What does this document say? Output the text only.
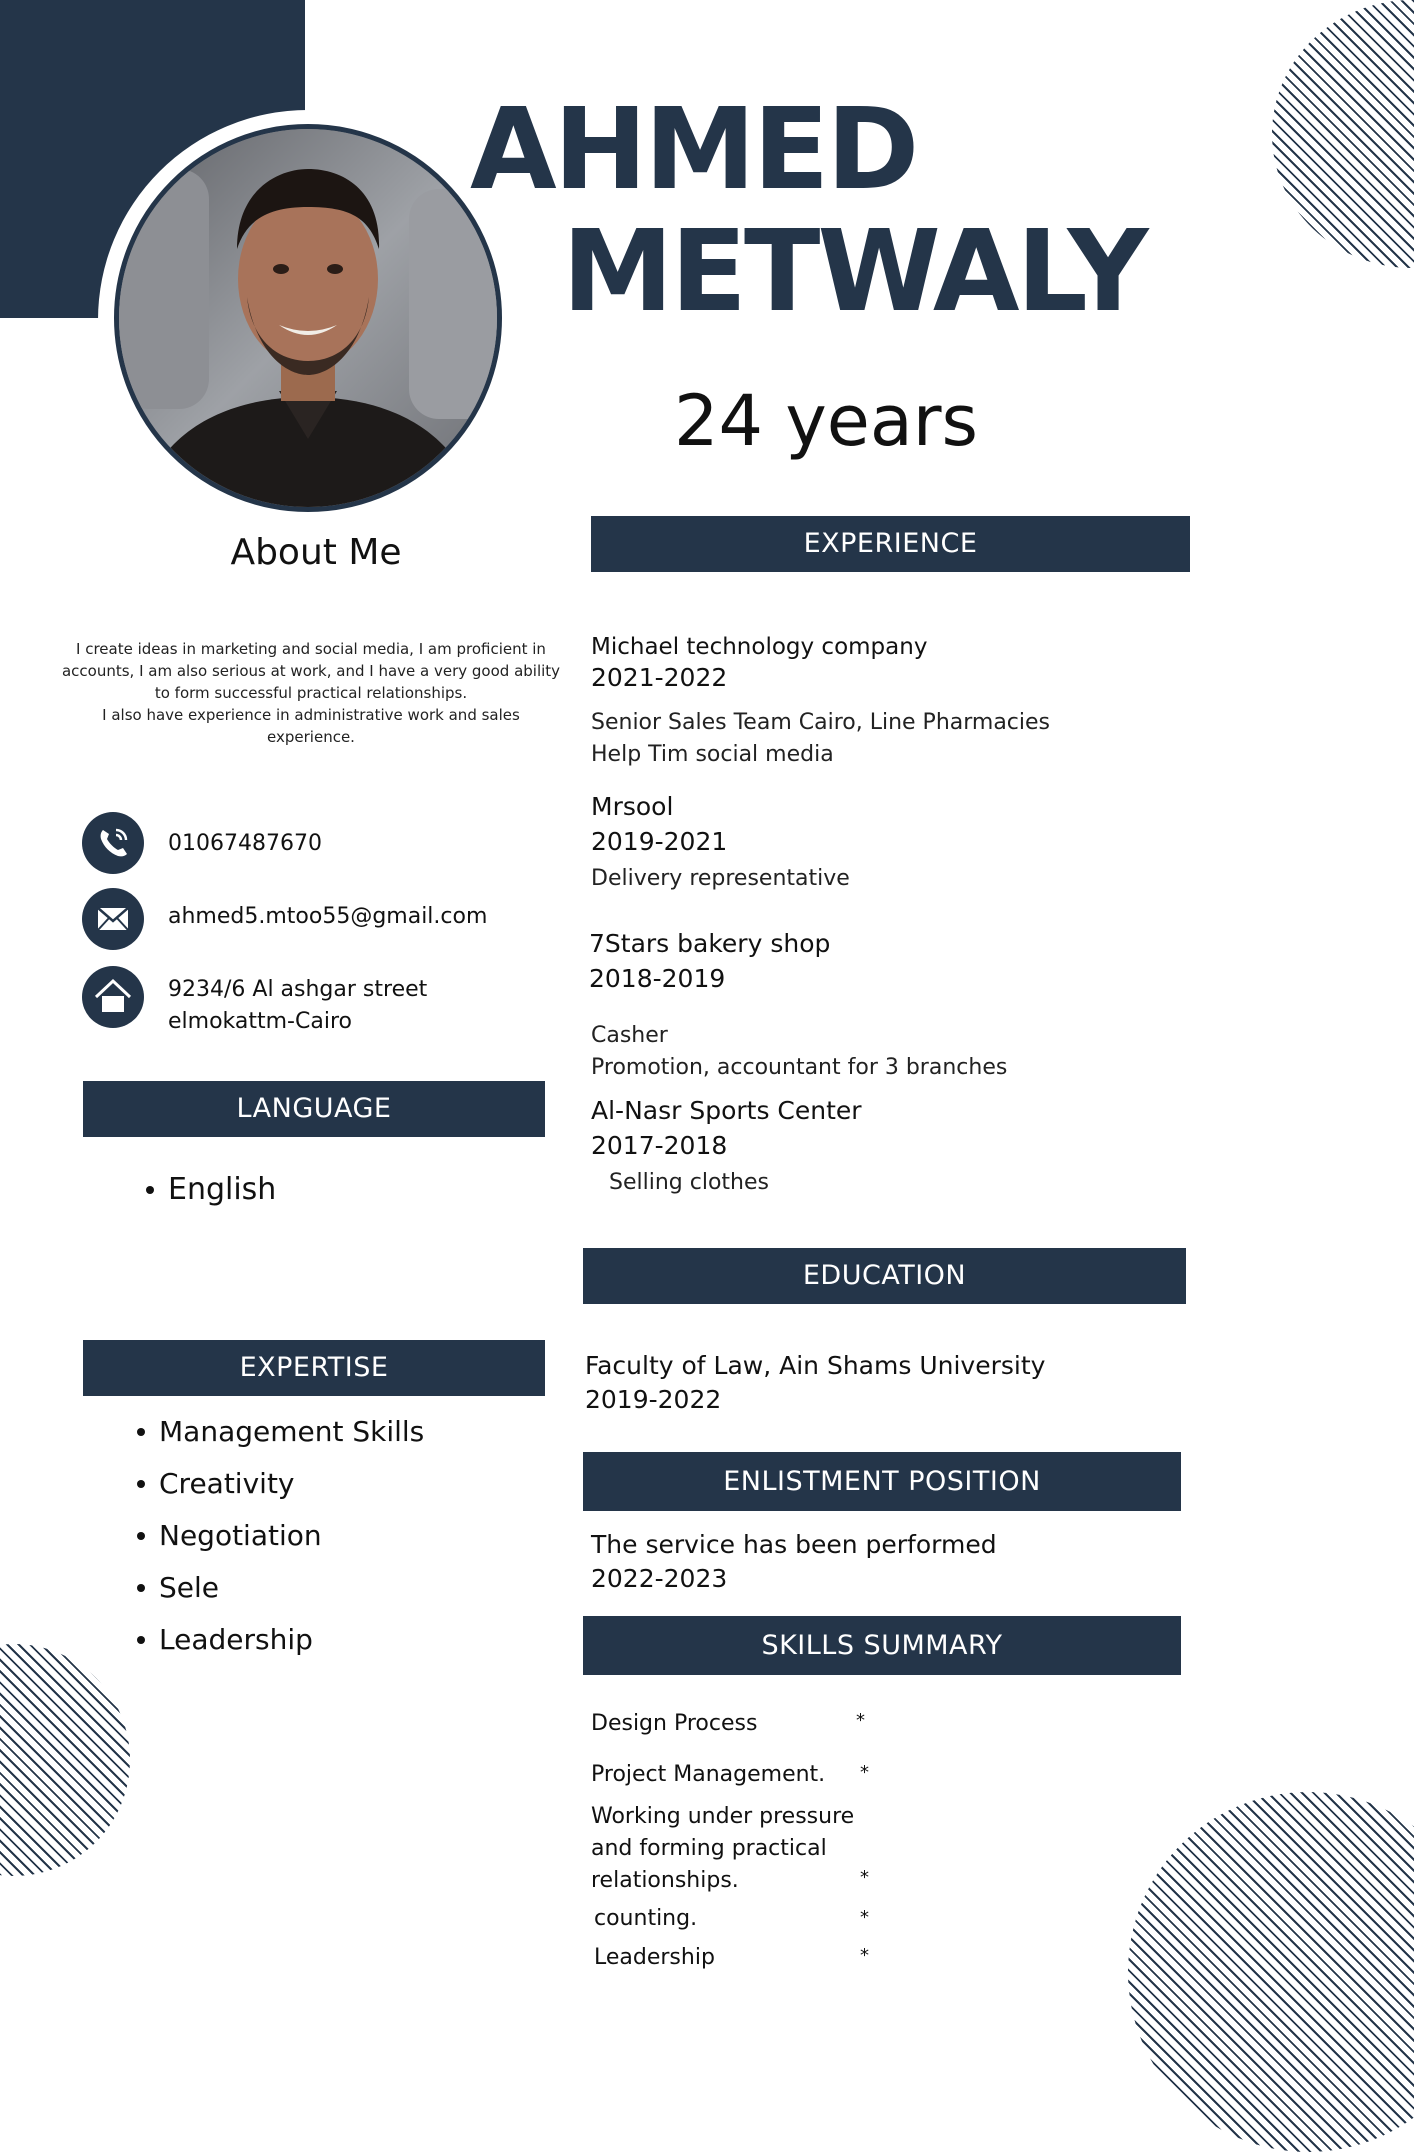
AHMED
METWALY
24 years
About Me

I create ideas in marketing and social media, I am proficient in accounts, I am also serious at work, and I have a very good ability to form successful practical relationships.

I also have experience in administrative work and sales experience.

01067487670
ahmed5.mtoo55@gmail.com
9234/6 Al ashgar street
elmokattm-Cairo
LANGUAGE
English
EXPERTISE
Management Skills
Creativity
Negotiation
Sele
Leadership
EXPERIENCE
Michael technology company
2021-2022
Senior Sales Team Cairo, Line Pharmacies
Help Tim social media
Mrsool
2019-2021
Delivery representative
7Stars bakery shop
2018-2019
Casher
Promotion, accountant for 3 branches
Al-Nasr Sports Center
2017-2018
Selling clothes
EDUCATION
Faculty of Law, Ain Shams University
2019-2022
ENLISTMENT POSITION
The service has been performed
2022-2023
SKILLS SUMMARY
Design Process	*
Project Management. *
Working under pressure and forming practical relationships.	*
counting.	*
Leadership	*
